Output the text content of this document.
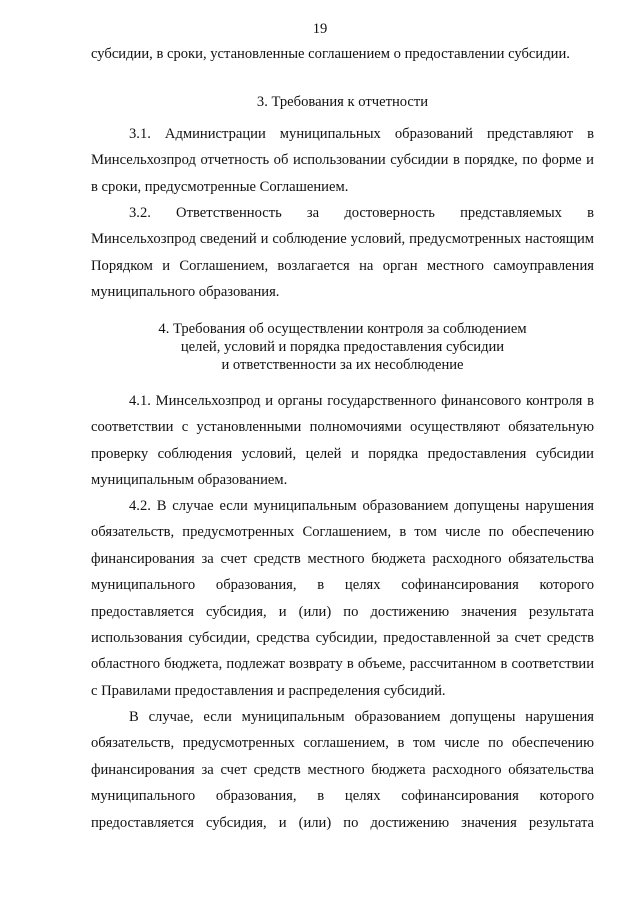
19

субсидии, в сроки, установленные соглашением о предоставлении субсидии.

3. Требования к отчетности

3.1. Администрации муниципальных образований представляют в Минсельхозпрод отчетность об использовании субсидии в порядке, по форме и в сроки, предусмотренные Соглашением.

3.2. Ответственность за достоверность представляемых в Минсельхозпрод сведений и соблюдение условий, предусмотренных настоящим Порядком и Соглашением, возлагается на орган местного самоуправления муниципального образования.

4. Требования об осуществлении контроля за соблюдением

целей, условий и порядка предоставления субсидии

и ответственности за их несоблюдение

4.1. Минсельхозпрод и органы государственного финансового контроля в соответствии с установленными полномочиями осуществляют обязательную проверку соблюдения условий, целей и порядка предоставления субсидии муниципальным образованием.

4.2. В случае если муниципальным образованием допущены нарушения обязательств, предусмотренных Соглашением, в том числе по обеспечению финансирования за счет средств местного бюджета расходного обязательства муниципального образования, в целях софинансирования которого предоставляется субсидия, и (или) по достижению значения результата использования субсидии, средства субсидии, предоставленной за счет средств областного бюджета, подлежат возврату в объеме, рассчитанном в соответствии с Правилами предоставления и распределения субсидий.

В случае, если муниципальным образованием допущены нарушения обязательств, предусмотренных соглашением, в том числе по обеспечению финансирования за счет средств местного бюджета расходного обязательства муниципального образования, в целях софинансирования которого предоставляется субсидия, и (или) по достижению значения результата
